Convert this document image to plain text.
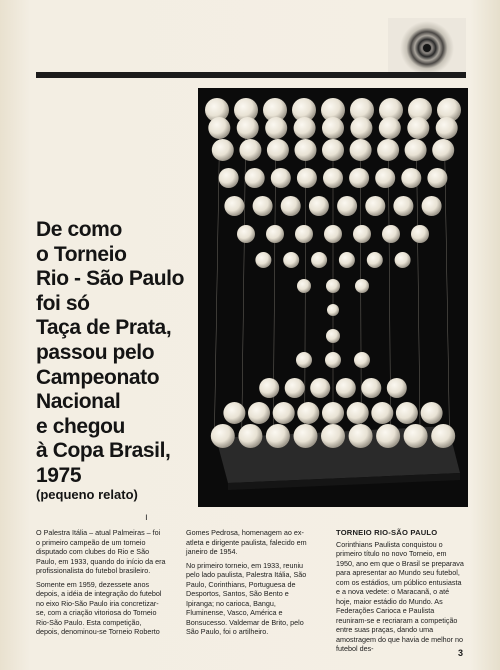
De como
o Torneio
Rio - São Paulo
foi só
Taça de Prata,
passou pelo
Campeonato
Nacional
e chegou
à Copa Brasil,
1975
(pequeno relato)
ı

O Palestra Itália – atual Palmeiras – foi o primeiro campeão de um torneio disputado com clubes do Rio e São Paulo, em 1933, quando do início da era profissionalista do futebol brasileiro.

Somente em 1959, dezessete anos depois, a idéia de integração do futebol no eixo Rio-São Paulo iria concretizar-se, com a criação vitoriosa do Torneio Rio-São Paulo. Esta competição, depois, denominou-se Torneio Roberto

Gomes Pedrosa, homenagem ao ex-atleta e dirigente paulista, falecido em janeiro de 1954.

No primeiro torneio, em 1933, reuniu pelo lado paulista, Palestra Itália, São Paulo, Corinthians, Portuguesa de Desportos, Santos, São Bento e Ipiranga; no carioca, Bangu, Fluminense, Vasco, América e Bonsucesso. Valdemar de Brito, pelo São Paulo, foi o artilheiro.

TORNEIO RIO-SÃO PAULO

Corinthians Paulista conquistou o primeiro título no novo Torneio, em 1950, ano em que o Brasil se preparava para apresentar ao Mundo seu futebol, com os estádios, um público entusiasta e a nova vedete: o Maracanã, o até hoje, maior estádio do Mundo. As Federações Carioca e Paulista reuniram-se e recriaram a competição entre suas praças, dando uma amostragem do que havia de melhor no futebol des-	3
